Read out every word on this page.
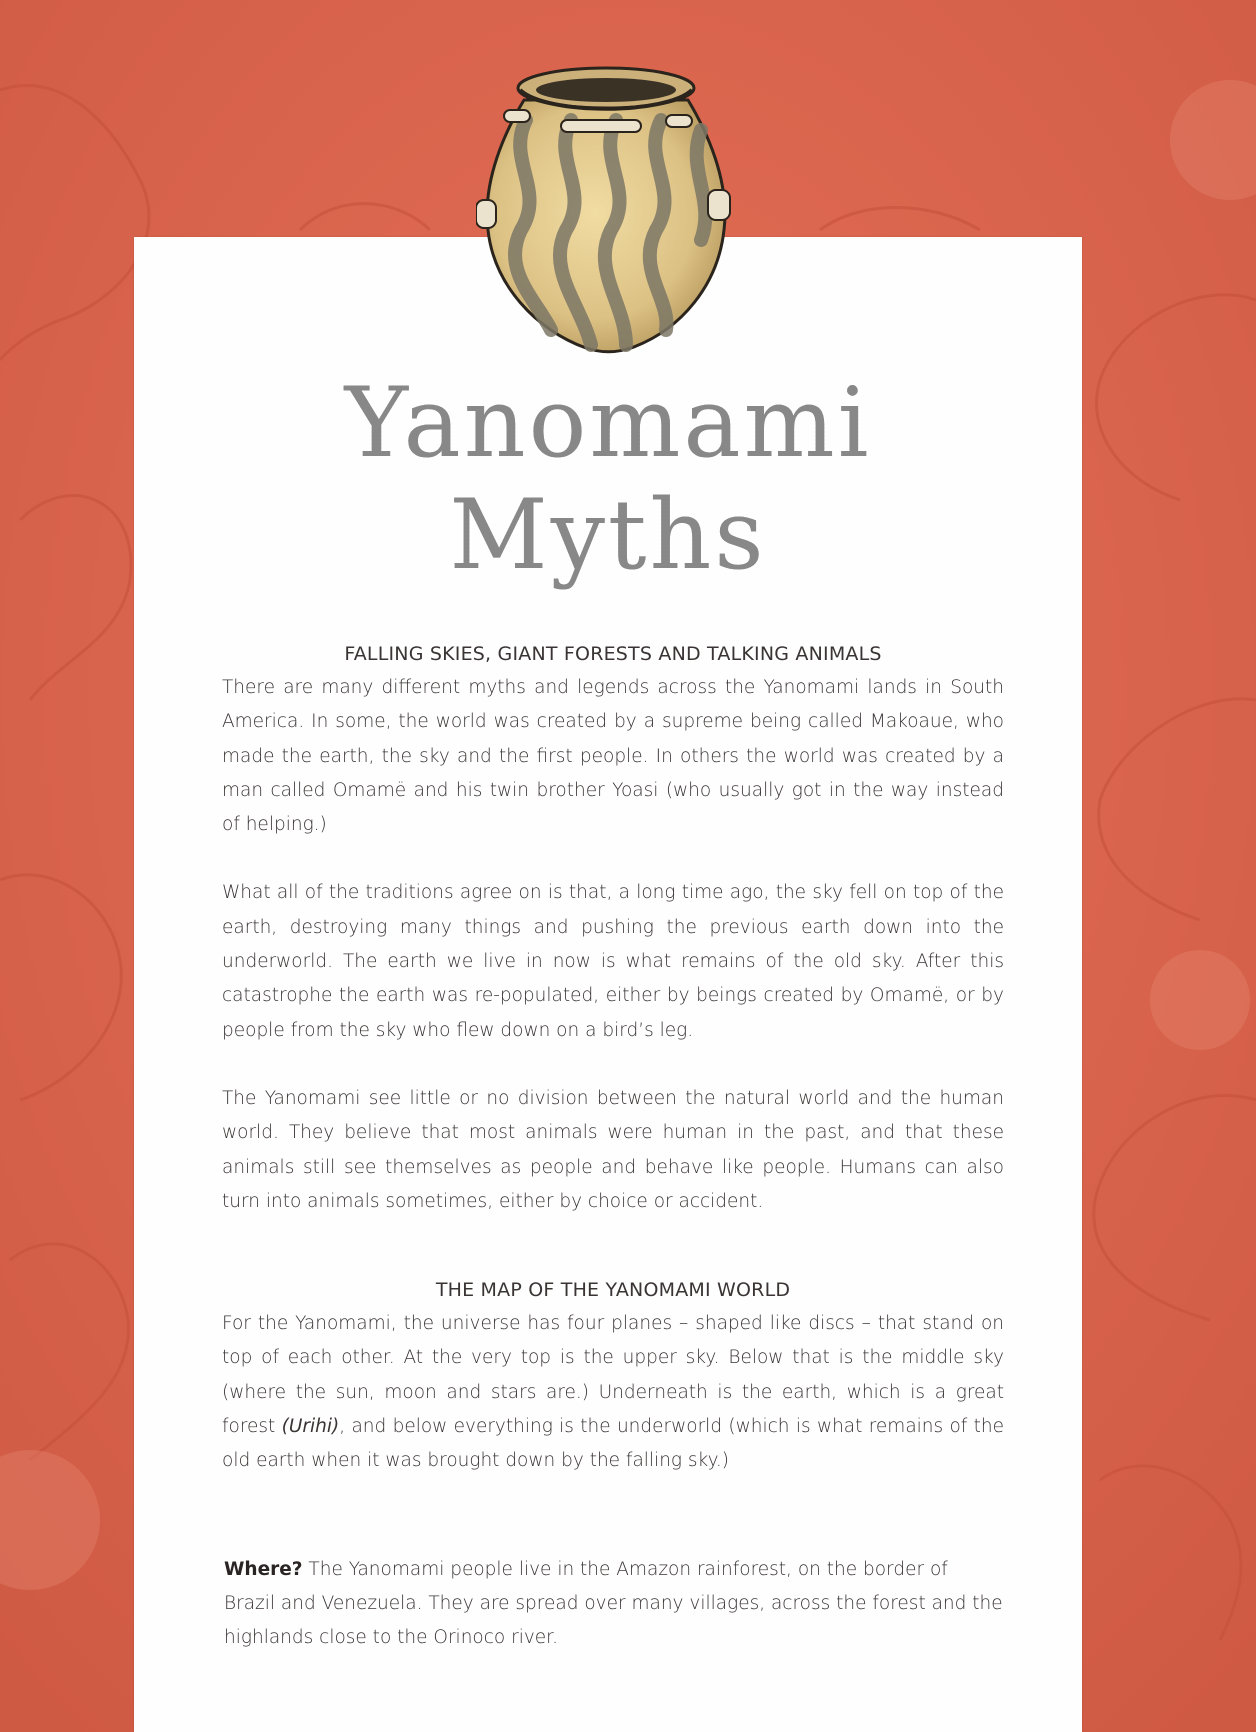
Yanomami
Myths
FALLING SKIES, GIANT FORESTS AND TALKING ANIMALS

There are many different myths and legends across the Yanomami lands in South America. In some, the world was created by a supreme being called Makoaue, who made the earth, the sky and the first people. In others the world was created by a man called Omamë and his twin brother Yoasi (who usually got in the way instead of helping.)

What all of the traditions agree on is that, a long time ago, the sky fell on top of the earth, destroying many things and pushing the previous earth down into the underworld. The earth we live in now is what remains of the old sky. After this catastrophe the earth was re-populated, either by beings created by Omamë, or by people from the sky who flew down on a bird’s leg.

The Yanomami see little or no division between the natural world and the human world. They believe that most animals were human in the past, and that these animals still see themselves as people and behave like people. Humans can also turn into animals sometimes, either by choice or accident.

THE MAP OF THE YANOMAMI WORLD

For the Yanomami, the universe has four planes – shaped like discs – that stand on top of each other. At the very top is the upper sky. Below that is the middle sky (where the sun, moon and stars are.) Underneath is the earth, which is a great forest (Urihi), and below everything is the underworld (which is what remains of the old earth when it was brought down by the falling sky.)

Where? The Yanomami people live in the Amazon rainforest, on the border of Brazil and Venezuela. They are spread over many villages, across the forest and the highlands close to the Orinoco river.
